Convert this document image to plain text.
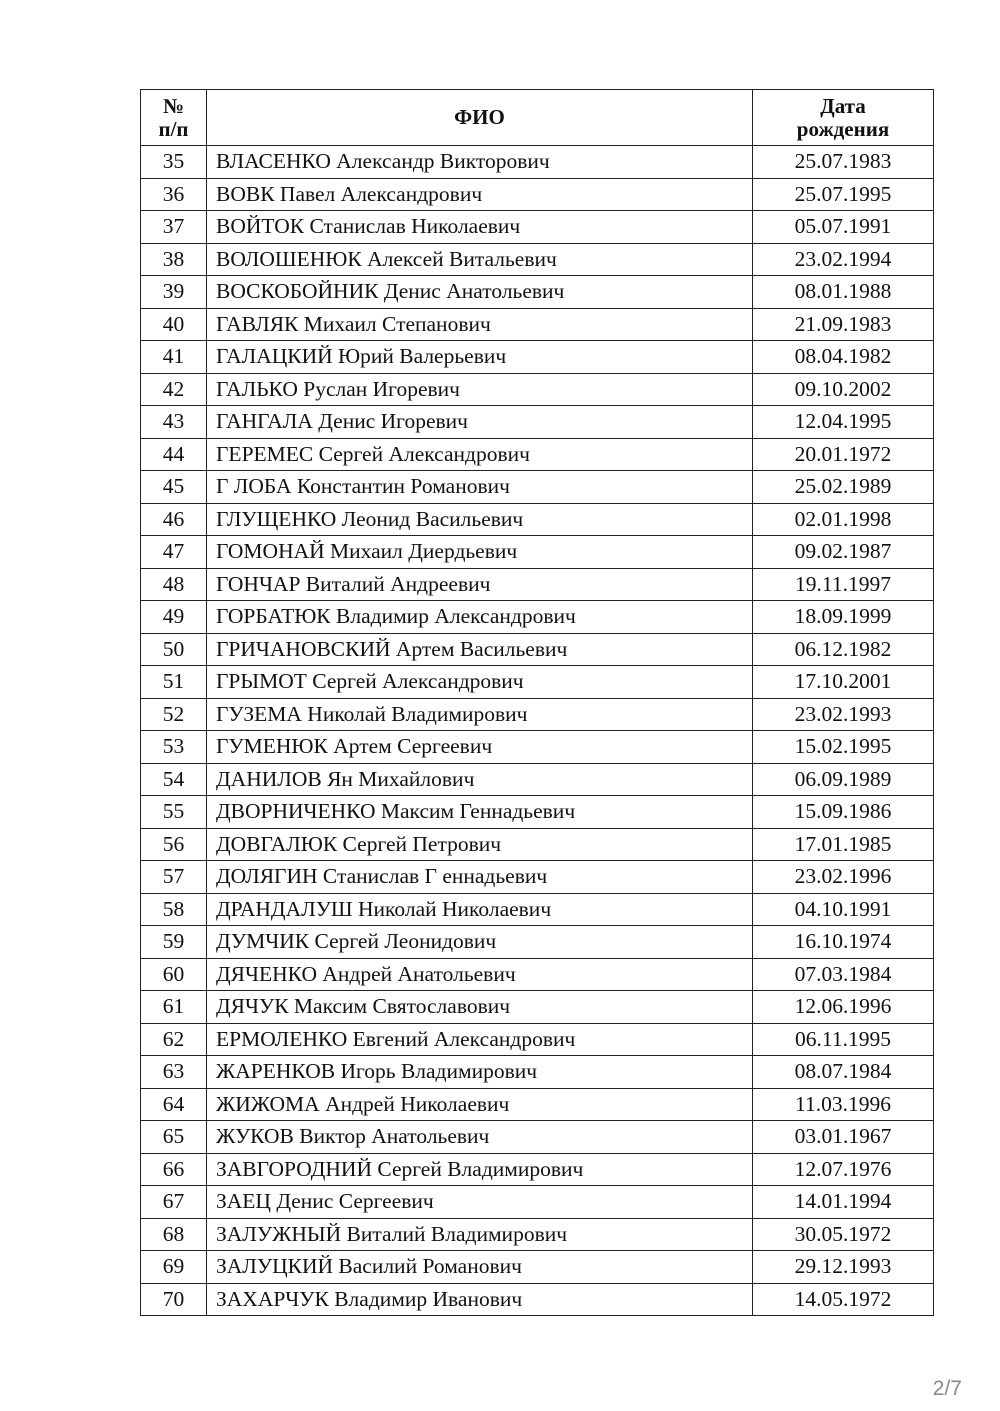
№
п/п	ФИО	Дата
рождения
35	ВЛАСЕНКО Александр Викторович	25.07.1983
36	ВОВК Павел Александрович	25.07.1995
37	ВОЙТОК Станислав Николаевич	05.07.1991
38	ВОЛОШЕНЮК Алексей Витальевич	23.02.1994
39	ВОСКОБОЙНИК Денис Анатольевич	08.01.1988
40	ГАВЛЯК Михаил Степанович	21.09.1983
41	ГАЛАЦКИЙ Юрий Валерьевич	08.04.1982
42	ГАЛЬКО Руслан Игоревич	09.10.2002
43	ГАНГАЛА Денис Игоревич	12.04.1995
44	ГЕРЕМЕС Сергей Александрович	20.01.1972
45	Г ЛОБА Константин Романович	25.02.1989
46	ГЛУЩЕНКО Леонид Васильевич	02.01.1998
47	ГОМОНАЙ Михаил Диердьевич	09.02.1987
48	ГОНЧАР Виталий Андреевич	19.11.1997
49	ГОРБАТЮК Владимир Александрович	18.09.1999
50	ГРИЧАНОВСКИЙ Артем Васильевич	06.12.1982
51	ГРЫМОТ Сергей Александрович	17.10.2001
52	ГУЗЕМА Николай Владимирович	23.02.1993
53	ГУМЕНЮК Артем Сергеевич	15.02.1995
54	ДАНИЛОВ Ян Михайлович	06.09.1989
55	ДВОРНИЧЕНКО Максим Геннадьевич	15.09.1986
56	ДОВГАЛЮК Сергей Петрович	17.01.1985
57	ДОЛЯГИН Станислав Г еннадьевич	23.02.1996
58	ДРАНДАЛУШ Николай Николаевич	04.10.1991
59	ДУМЧИК Сергей Леонидович	16.10.1974
60	ДЯЧЕНКО Андрей Анатольевич	07.03.1984
61	ДЯЧУК Максим Святославович	12.06.1996
62	ЕРМОЛЕНКО Евгений Александрович	06.11.1995
63	ЖАРЕНКОВ Игорь Владимирович	08.07.1984
64	ЖИЖОМА Андрей Николаевич	11.03.1996
65	ЖУКОВ Виктор Анатольевич	03.01.1967
66	ЗАВГОРОДНИЙ Сергей Владимирович	12.07.1976
67	ЗАЕЦ Денис Сергеевич	14.01.1994
68	ЗАЛУЖНЫЙ Виталий Владимирович	30.05.1972
69	ЗАЛУЦКИЙ Василий Романович	29.12.1993
70	ЗАХАРЧУК Владимир Иванович	14.05.1972
2/7
